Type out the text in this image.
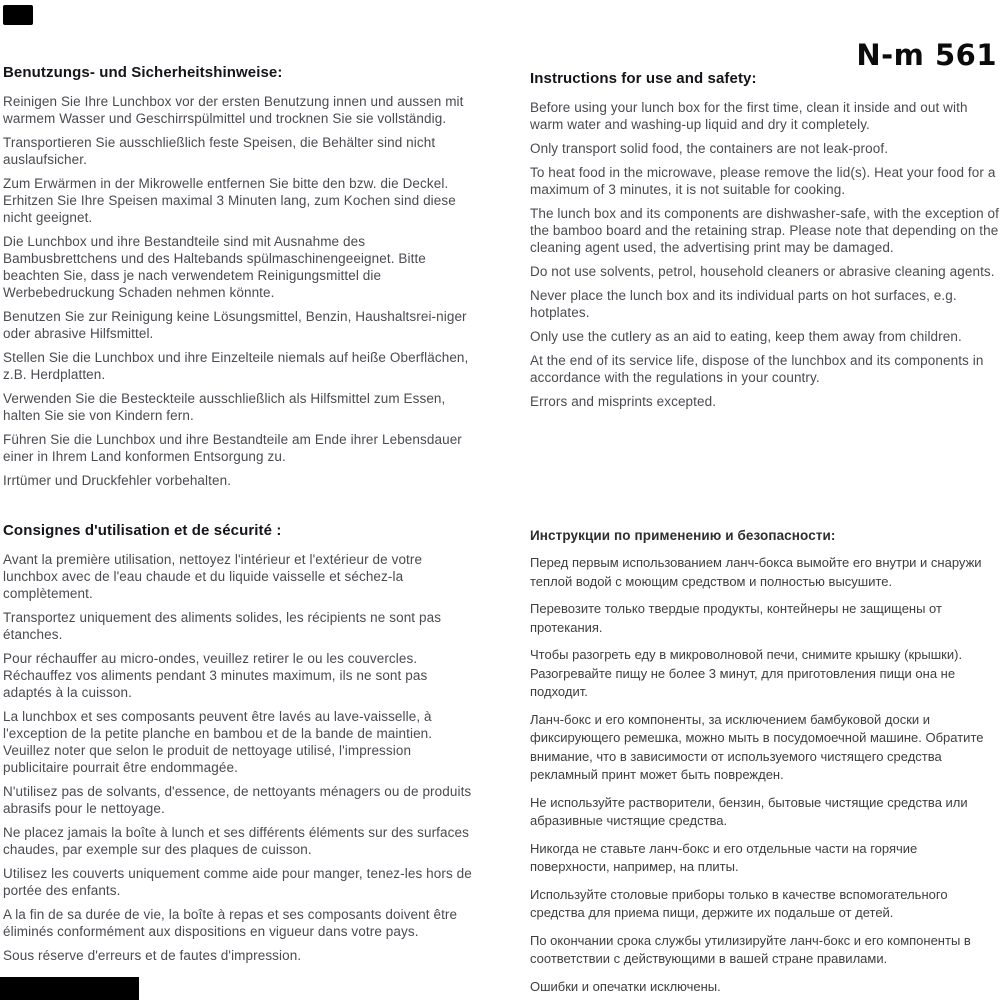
N-m 561
Benutzungs- und Sicherheitshinweise:

Reinigen Sie Ihre Lunchbox vor der ersten Benutzung innen und aussen mit warmem Wasser und Geschirrspülmittel und trocknen Sie sie vollständig.

Transportieren Sie ausschließlich feste Speisen, die Behälter sind nicht auslaufsicher.

Zum Erwärmen in der Mikrowelle entfernen Sie bitte den bzw. die Deckel. Erhitzen Sie Ihre Speisen maximal 3 Minuten lang, zum Kochen sind diese nicht geeignet.

Die Lunchbox und ihre Bestandteile sind mit Ausnahme des Bambusbrettchens und des Haltebands spülmaschinengeeignet. Bitte beachten Sie, dass je nach verwendetem Reinigungsmittel die Werbebedruckung Schaden nehmen könnte.

Benutzen Sie zur Reinigung keine Lösungsmittel, Benzin, Haushaltsrei-niger oder abrasive Hilfsmittel.

Stellen Sie die Lunchbox und ihre Einzelteile niemals auf heiße Oberflächen, z.B. Herdplatten.

Verwenden Sie die Besteckteile ausschließlich als Hilfsmittel zum Essen, halten Sie sie von Kindern fern.

Führen Sie die Lunchbox und ihre Bestandteile am Ende ihrer Lebensdauer einer in Ihrem Land konformen Entsorgung zu.

Irrtümer und Druckfehler vorbehalten.

Instructions for use and safety:

Before using your lunch box for the first time, clean it inside and out with warm water and washing-up liquid and dry it completely.

Only transport solid food, the containers are not leak-proof.

To heat food in the microwave, please remove the lid(s). Heat your food for a maximum of 3 minutes, it is not suitable for cooking.

The lunch box and its components are dishwasher-safe, with the exception of the bamboo board and the retaining strap. Please note that depending on the cleaning agent used, the advertising print may be damaged.

Do not use solvents, petrol, household cleaners or abrasive cleaning agents.

Never place the lunch box and its individual parts on hot surfaces, e.g. hotplates.

Only use the cutlery as an aid to eating, keep them away from children.

At the end of its service life, dispose of the lunchbox and its components in accordance with the regulations in your country.

Errors and misprints excepted.

Consignes d'utilisation et de sécurité :

Avant la première utilisation, nettoyez l'intérieur et l'extérieur de votre lunchbox avec de l'eau chaude et du liquide vaisselle et séchez-la complètement.

Transportez uniquement des aliments solides, les récipients ne sont pas étanches.

Pour réchauffer au micro-ondes, veuillez retirer le ou les couvercles. Réchauffez vos aliments pendant 3 minutes maximum, ils ne sont pas adaptés à la cuisson.

La lunchbox et ses composants peuvent être lavés au lave-vaisselle, à l'exception de la petite planche en bambou et de la bande de maintien. Veuillez noter que selon le produit de nettoyage utilisé, l'impression publicitaire pourrait être endommagée.

N'utilisez pas de solvants, d'essence, de nettoyants ménagers ou de produits abrasifs pour le nettoyage.

Ne placez jamais la boîte à lunch et ses différents éléments sur des surfaces chaudes, par exemple sur des plaques de cuisson.

Utilisez les couverts uniquement comme aide pour manger, tenez-les hors de portée des enfants.

A la fin de sa durée de vie, la boîte à repas et ses composants doivent être éliminés conformément aux dispositions en vigueur dans votre pays.

Sous réserve d'erreurs et de fautes d'impression.

Инструкции по применению и безопасности:

Перед первым использованием ланч-бокса вымойте его внутри и снаружи теплой водой с моющим средством и полностью высушите.

Перевозите только твердые продукты, контейнеры не защищены от протекания.

Чтобы разогреть еду в микроволновой печи, снимите крышку (крышки). Разогревайте пищу не более 3 минут, для приготовления пищи она не подходит.

Ланч-бокс и его компоненты, за исключением бамбуковой доски и фиксирующего ремешка, можно мыть в посудомоечной машине. Обратите внимание, что в зависимости от используемого чистящего средства рекламный принт может быть поврежден.

Не используйте растворители, бензин, бытовые чистящие средства или абразивные чистящие средства.

Никогда не ставьте ланч-бокс и его отдельные части на горячие поверхности, например, на плиты.

Используйте столовые приборы только в качестве вспомогательного средства для приема пищи, держите их подальше от детей.

По окончании срока службы утилизируйте ланч-бокс и его компоненты в соответствии с действующими в вашей стране правилами.

Ошибки и опечатки исключены.
